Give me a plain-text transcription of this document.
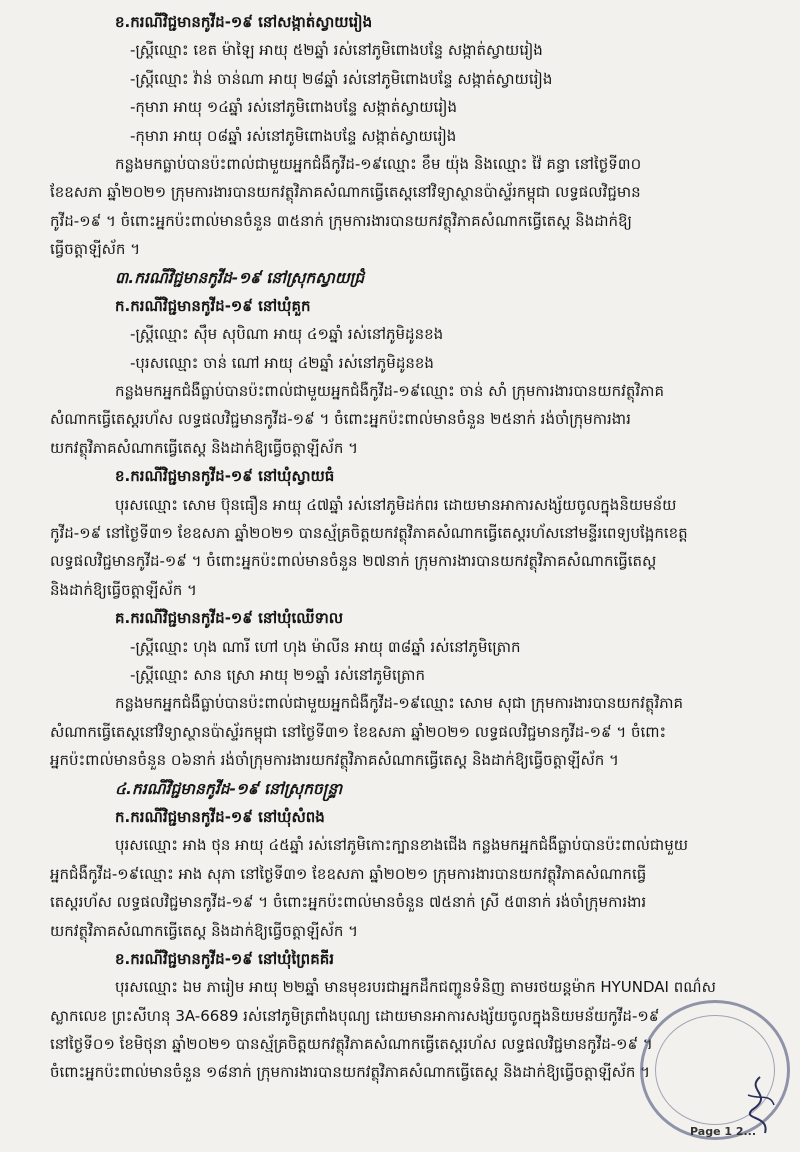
ខ.ករណីវិជ្ជមានកូវីដ-១៩ នៅសង្កាត់ស្វាយរៀង
-ស្ត្រីឈ្មោះ ខេត ម៉ាឡៃ អាយុ ៥២ឆ្នាំ រស់នៅភូមិពោងបន្ទែ សង្កាត់ស្វាយរៀង
-ស្ត្រីឈ្មោះ វ៉ាន់ ចាន់ណា អាយុ ២៨ឆ្នាំ រស់នៅភូមិពោងបន្ទែ សង្កាត់ស្វាយរៀង
-កុមារា អាយុ ១៤ឆ្នាំ រស់នៅភូមិពោងបន្ទែ សង្កាត់ស្វាយរៀង
-កុមារា អាយុ ០៨ឆ្នាំ រស់នៅភូមិពោងបន្ទែ សង្កាត់ស្វាយរៀង
កន្លងមកធ្លាប់បានប៉ះពាល់ជាមួយអ្នកជំងឺកូវីដ-១៩ឈ្មោះ ខឹម យ៉ុង និងឈ្មោះ វ៉ៃ គន្ធា នៅថ្ងៃទី៣០
ខែឧសភា ឆ្នាំ២០២១ ក្រុមការងារបានយកវត្ថុវិភាគសំណាកធ្វើតេស្តនៅវិទ្យាស្ថានប៉ាស្ទ័រកម្ពុជា លទ្ធផលវិជ្ជមាន
កូវីដ-១៩ ។ ចំពោះអ្នកប៉ះពាល់មានចំនួន ៣៥នាក់ ក្រុមការងារបានយកវត្ថុវិភាគសំណាកធ្វើតេស្ត និងដាក់ឱ្យ
ធ្វើចត្តាឡីស័ក ។
៣.ករណីវិជ្ជមានកូវីដ-១៩ នៅស្រុកស្វាយជ្រំ
ក.ករណីវិជ្ជមានកូវីដ-១៩ នៅឃុំគួក
-ស្ត្រីឈ្មោះ ស៊ឹម សុបិណា អាយុ ៤១ឆ្នាំ រស់នៅភូមិដូនខង
-បុរសឈ្មោះ ចាន់ ណៅ អាយុ ៤២ឆ្នាំ រស់នៅភូមិដូនខង
កន្លងមកអ្នកជំងឺធ្លាប់បានប៉ះពាល់ជាមួយអ្នកជំងឺកូវីដ-១៩ឈ្មោះ ចាន់ សាំ ក្រុមការងារបានយកវត្ថុវិភាគ
សំណាកធ្វើតេស្តរហ័ស លទ្ធផលវិជ្ជមានកូវីដ-១៩ ។ ចំពោះអ្នកប៉ះពាល់មានចំនួន ២៥នាក់ រង់ចាំក្រុមការងារ
យកវត្ថុវិភាគសំណាកធ្វើតេស្ត និងដាក់ឱ្យធ្វើចត្តាឡីស័ក ។
ខ.ករណីវិជ្ជមានកូវីដ-១៩ នៅឃុំស្វាយធំ
បុរសឈ្មោះ សោម ប៊ុនធឿន អាយុ ៤៧ឆ្នាំ រស់នៅភូមិដក់ពរ ដោយមានអាការសង្ស័យចូលក្នុងនិយមន័យ
កូវីដ-១៩ នៅថ្ងៃទី៣១ ខែឧសភា ឆ្នាំ២០២១ បានស្ម័គ្រចិត្តយកវត្ថុវិភាគសំណាកធ្វើតេស្តរហ័សនៅមន្ទីរពេទ្យបង្អែកខេត្ត
លទ្ធផលវិជ្ជមានកូវីដ-១៩ ។ ចំពោះអ្នកប៉ះពាល់មានចំនួន ២៧នាក់ ក្រុមការងារបានយកវត្ថុវិភាគសំណាកធ្វើតេស្ត
និងដាក់ឱ្យធ្វើចត្តាឡីស័ក ។
គ.ករណីវិជ្ជមានកូវីដ-១៩ នៅឃុំឈើទាល
-ស្ត្រីឈ្មោះ ហុង ណារី ហៅ ហុង ម៉ាលីន អាយុ ៣៨ឆ្នាំ រស់នៅភូមិត្រោក
-ស្ត្រីឈ្មោះ សាន ស្រោ អាយុ ២១ឆ្នាំ រស់នៅភូមិត្រោក
កន្លងមកអ្នកជំងឺធ្លាប់បានប៉ះពាល់ជាមួយអ្នកជំងឺកូវីដ-១៩ឈ្មោះ សោម សុជា ក្រុមការងារបានយកវត្ថុវិភាគ
សំណាកធ្វើតេស្តនៅវិទ្យាស្ថានប៉ាស្ទ័រកម្ពុជា នៅថ្ងៃទី៣១ ខែឧសភា ឆ្នាំ២០២១ លទ្ធផលវិជ្ជមានកូវីដ-១៩ ។ ចំពោះ
អ្នកប៉ះពាល់មានចំនួន ០៦នាក់ រង់ចាំក្រុមការងារយកវត្ថុវិភាគសំណាកធ្វើតេស្ត និងដាក់ឱ្យធ្វើចត្តាឡីស័ក ។
៤.ករណីវិជ្ជមានកូវីដ-១៩ នៅស្រុកចន្ទ្រា
ក.ករណីវិជ្ជមានកូវីដ-១៩ នៅឃុំសំពង
បុរសឈ្មោះ អាង ថុន អាយុ ៤៥ឆ្នាំ រស់នៅភូមិកោះក្បានខាងជើង កន្លងមកអ្នកជំងឺធ្លាប់បានប៉ះពាល់ជាមួយ
អ្នកជំងឺកូវីដ-១៩ឈ្មោះ អាង សុភា នៅថ្ងៃទី៣១ ខែឧសភា ឆ្នាំ២០២១ ក្រុមការងារបានយកវត្ថុវិភាគសំណាកធ្វើ
តេស្តរហ័ស លទ្ធផលវិជ្ជមានកូវីដ-១៩ ។ ចំពោះអ្នកប៉ះពាល់មានចំនួន ៧៥នាក់ ស្រី ៥៣នាក់ រង់ចាំក្រុមការងារ
យកវត្ថុវិភាគសំណាកធ្វើតេស្ត និងដាក់ឱ្យធ្វើចត្តាឡីស័ក ។
ខ.ករណីវិជ្ជមានកូវីដ-១៩ នៅឃុំព្រៃគគីរ
បុរសឈ្មោះ ឯម ភារៀម អាយុ ២២ឆ្នាំ មានមុខរបរជាអ្នកដឹកជញ្ជូនទំនិញ តាមរថយន្តម៉ាក HYUNDAI ពណ៌ស
ស្លាកលេខ ព្រះសីហនុ 3A-6689 រស់នៅភូមិត្រពាំងបុណ្យ ដោយមានអាការសង្ស័យចូលក្នុងនិយមន័យកូវីដ-១៩
នៅថ្ងៃទី០១ ខែមិថុនា ឆ្នាំ២០២១ បានស្ម័គ្រចិត្តយកវត្ថុវិភាគសំណាកធ្វើតេស្តរហ័ស លទ្ធផលវិជ្ជមានកូវីដ-១៩ ។
ចំពោះអ្នកប៉ះពាល់មានចំនួន ១៨នាក់ ក្រុមការងារបានយកវត្ថុវិភាគសំណាកធ្វើតេស្ត និងដាក់ឱ្យធ្វើចត្តាឡីស័ក ។
Page 1 2...
